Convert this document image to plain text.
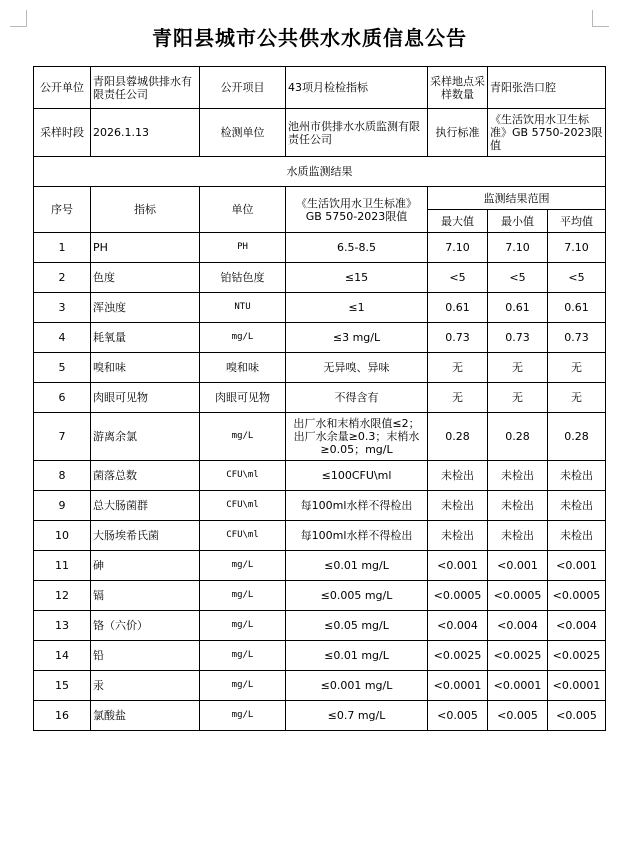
青阳县城市公共供水水质信息公告
公开单位	青阳县蓉城供排水有限责任公司	公开项目	43项月检检指标	采样地点采样数量	青阳张浩口腔	
采样时段	2026.1.13	检测单位	池州市供排水水质监测有限责任公司	执行标准	《生活饮用水卫生标准》GB 5750-2023限值	
水质监测结果						
序号	指标	单位	《生活饮用水卫生标准》GB 5750-2023限值	监测结果范围		
				最大值	最小值	平均值
1	PH	PH	6.5-8.5	7.10	7.10	7.10
2	色度	铂钴色度	≤15	<5	<5	<5
3	浑浊度	NTU	≤1	0.61	0.61	0.61
4	耗氧量	mg/L	≤3 mg/L	0.73	0.73	0.73
5	嗅和味	嗅和味	无异嗅、异味	无	无	无
6	肉眼可见物	肉眼可见物	不得含有	无	无	无
7	游离余氯	mg/L	出厂水和末梢水限值≤2；出厂水余量≥0.3；末梢水≥0.05；mg/L	0.28	0.28	0.28
8	菌落总数	CFU\ml	≤100CFU\ml	未检出	未检出	未检出
9	总大肠菌群	CFU\ml	每100ml水样不得检出	未检出	未检出	未检出
10	大肠埃希氏菌	CFU\ml	每100ml水样不得检出	未检出	未检出	未检出
11	砷	mg/L	≤0.01 mg/L	<0.001	<0.001	<0.001
12	镉	mg/L	≤0.005 mg/L	<0.0005	<0.0005	<0.0005
13	铬（六价）	mg/L	≤0.05 mg/L	<0.004	<0.004	<0.004
14	铅	mg/L	≤0.01 mg/L	<0.0025	<0.0025	<0.0025
15	汞	mg/L	≤0.001 mg/L	<0.0001	<0.0001	<0.0001
16	氯酸盐	mg/L	≤0.7 mg/L	<0.005	<0.005	<0.005
